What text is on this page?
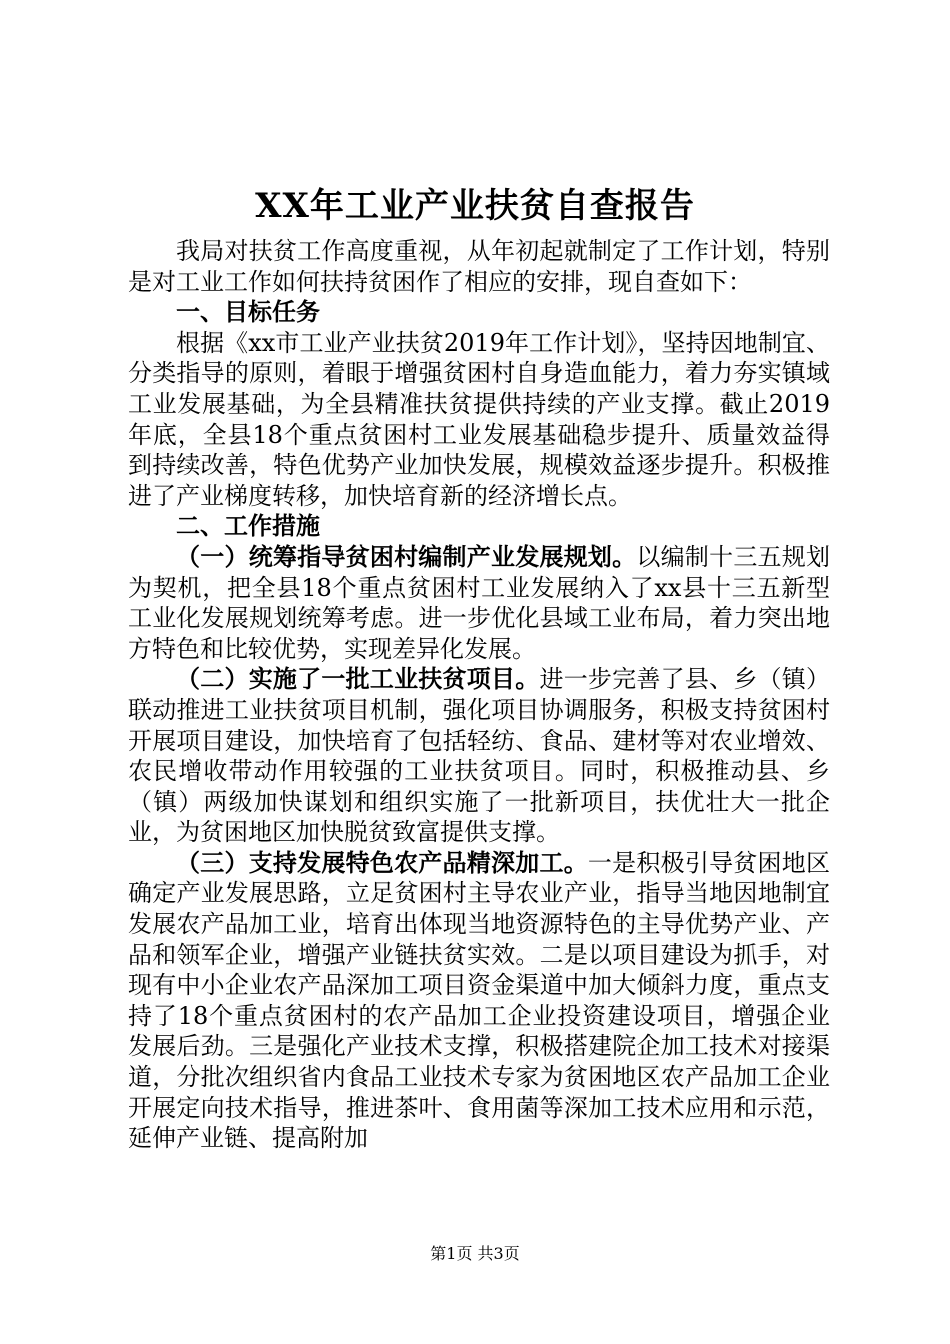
XX年工业产业扶贫自查报告

我局对扶贫工作高度重视，从年初起就制定了工作计划，特别是对工业工作如何扶持贫困作了相应的安排，现自查如下：

一、目标任务

根据《xx市工业产业扶贫2019年工作计划》，坚持因地制宜、分类指导的原则，着眼于增强贫困村自身造血能力，着力夯实镇域工业发展基础，为全县精准扶贫提供持续的产业支撑。截止2019年底，全县18个重点贫困村工业发展基础稳步提升、质量效益得到持续改善，特色优势产业加快发展，规模效益逐步提升。积极推进了产业梯度转移，加快培育新的经济增长点。

二、工作措施

（一）统筹指导贫困村编制产业发展规划。以编制十三五规划为契机，把全县18个重点贫困村工业发展纳入了xx县十三五新型工业化发展规划统筹考虑。进一步优化县域工业布局，着力突出地方特色和比较优势，实现差异化发展。

（二）实施了一批工业扶贫项目。进一步完善了县、乡（镇）联动推进工业扶贫项目机制，强化项目协调服务，积极支持贫困村开展项目建设，加快培育了包括轻纺、食品、建材等对农业增效、农民增收带动作用较强的工业扶贫项目。同时，积极推动县、乡（镇）两级加快谋划和组织实施了一批新项目，扶优壮大一批企业，为贫困地区加快脱贫致富提供支撑。

（三）支持发展特色农产品精深加工。一是积极引导贫困地区确定产业发展思路，立足贫困村主导农业产业，指导当地因地制宜发展农产品加工业，培育出体现当地资源特色的主导优势产业、产品和领军企业，增强产业链扶贫实效。二是以项目建设为抓手，对现有中小企业农产品深加工项目资金渠道中加大倾斜力度，重点支持了18个重点贫困村的农产品加工企业投资建设项目，增强企业发展后劲。三是强化产业技术支撑，积极搭建院企加工技术对接渠道，分批次组织省内食品工业技术专家为贫困地区农产品加工企业开展定向技术指导，推进茶叶、食用菌等深加工技术应用和示范，延伸产业链、提高附加

第1页 共3页
